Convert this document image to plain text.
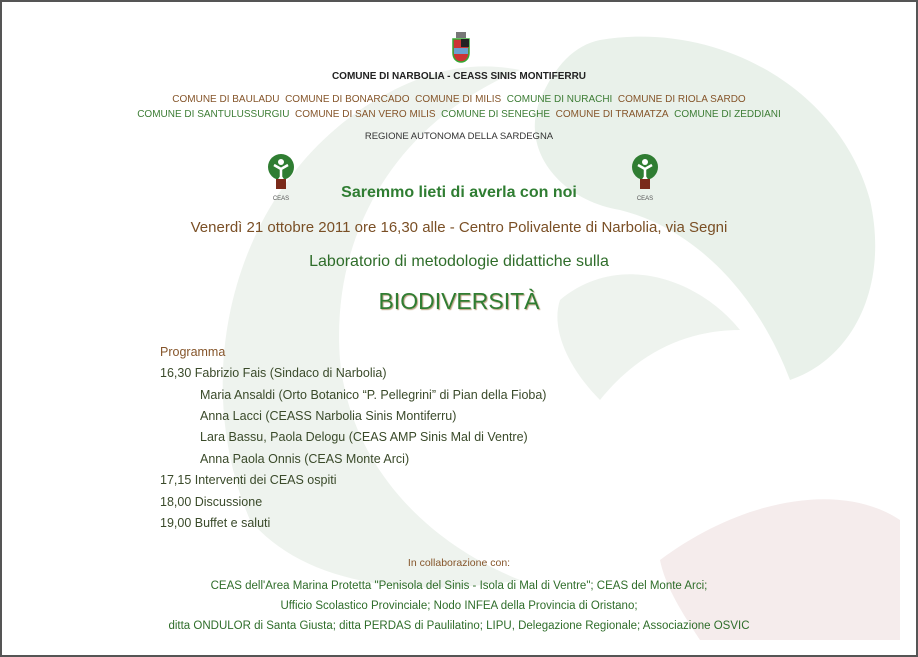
COMUNE DI NARBOLIA - CEASS SINIS MONTIFERRU
COMUNE DI BAULADU COMUNE DI BONARCADO COMUNE DI MILIS COMUNE DI NURACHI COMUNE DI RIOLA SARDO
COMUNE DI SANTULUSSURGIU COMUNE DI SAN VERO MILIS COMUNE DI SENEGHE COMUNE DI TRAMATZA COMUNE DI ZEDDIANI
REGIONE AUTONOMA DELLA SARDEGNA
CEAS	CEAS
Saremmo lieti di averla con noi
Venerdì 21 ottobre 2011 ore 16,30 alle - Centro Polivalente di Narbolia, via Segni
Laboratorio di metodologie didattiche sulla
BIODIVERSITÀ
Programma
16,30 Fabrizio Fais (Sindaco di Narbolia)
Maria Ansaldi (Orto Botanico “P. Pellegrini” di Pian della Fioba)
Anna Lacci (CEASS Narbolia Sinis Montiferru)
Lara Bassu, Paola Delogu (CEAS AMP Sinis Mal di Ventre)
Anna Paola Onnis (CEAS Monte Arci)
17,15 Interventi dei CEAS ospiti
18,00 Discussione
19,00 Buffet e saluti
In collaborazione con:
CEAS dell'Area Marina Protetta "Penisola del Sinis - Isola di Mal di Ventre"; CEAS del Monte Arci;
Ufficio Scolastico Provinciale; Nodo INFEA della Provincia di Oristano;
ditta ONDULOR di Santa Giusta; ditta PERDAS di Paulilatino; LIPU, Delegazione Regionale; Associazione OSVIC
